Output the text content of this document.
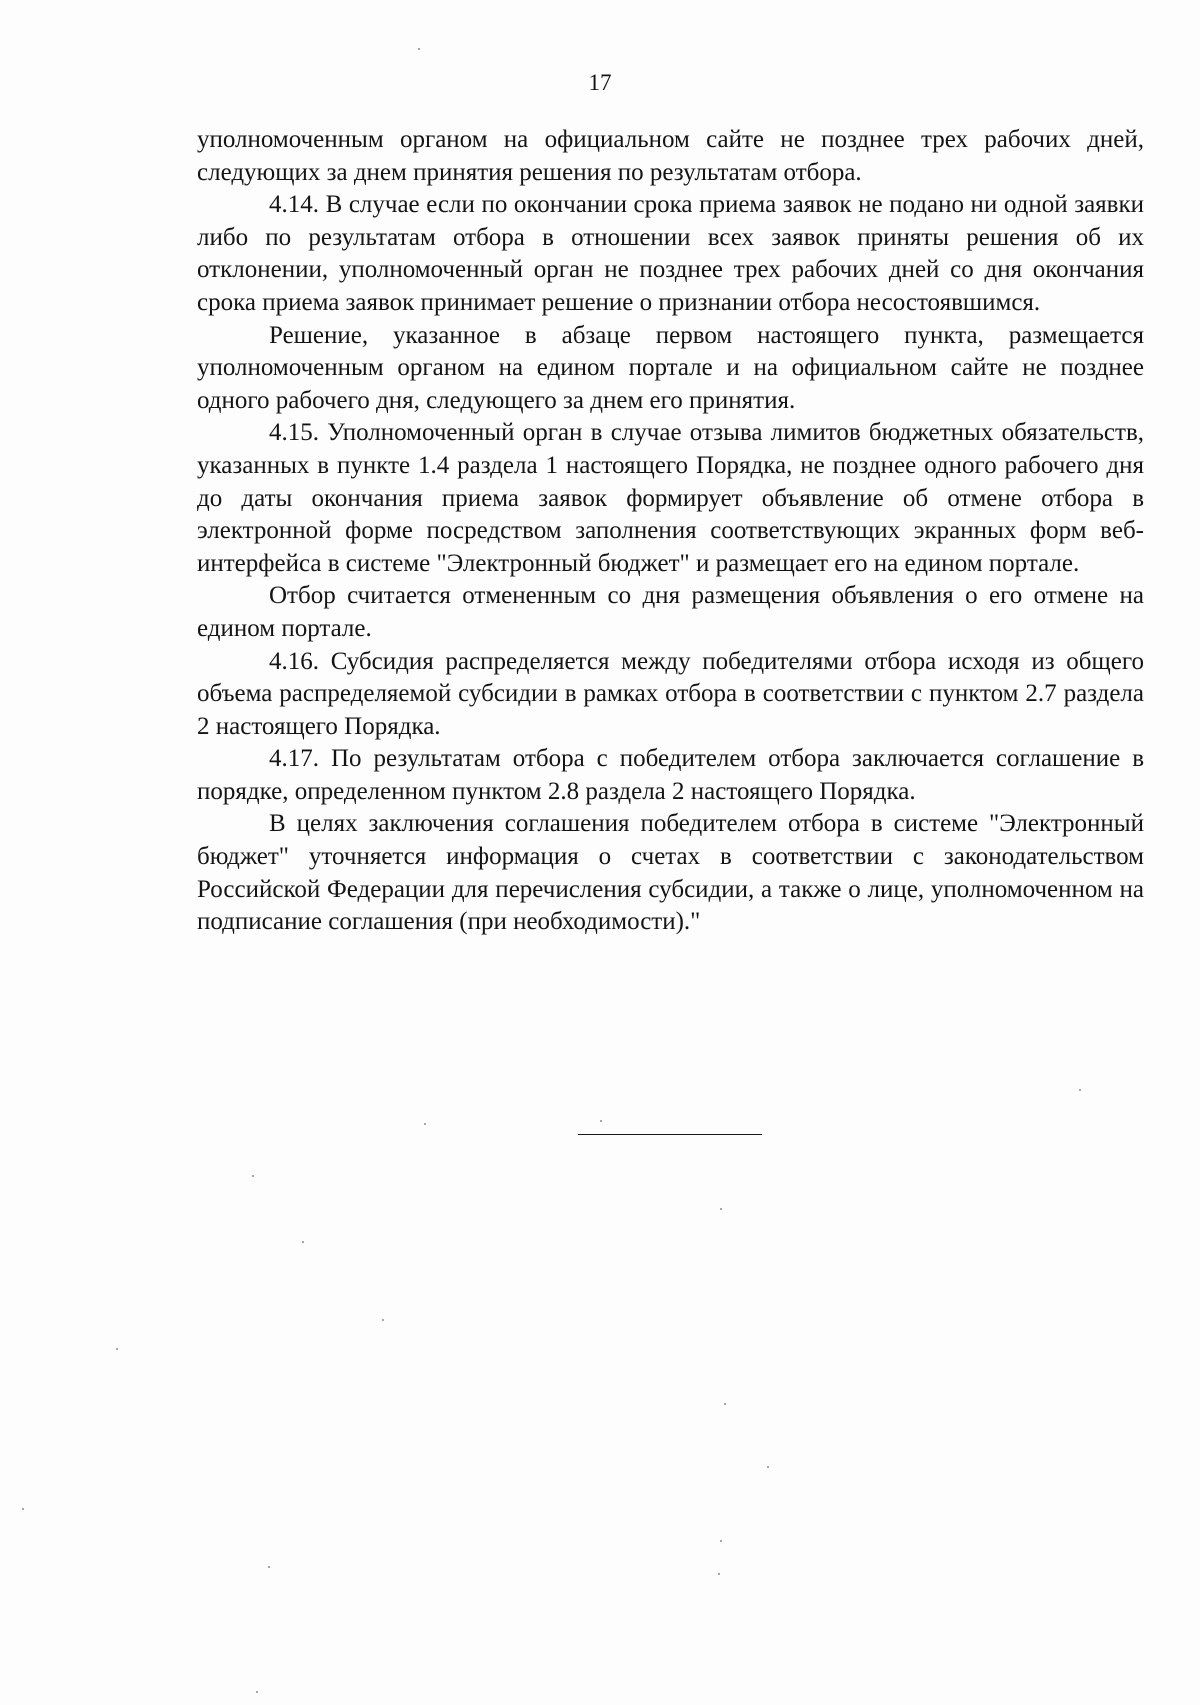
17

уполномоченным органом на официальном сайте не позднее трех рабочих дней, следующих за днем принятия решения по результатам отбора.

4.14. В случае если по окончании срока приема заявок не подано ни одной заявки либо по результатам отбора в отношении всех заявок приняты решения об их отклонении, уполномоченный орган не позднее трех рабочих дней со дня окончания срока приема заявок принимает решение о признании отбора несостоявшимся.

Решение, указанное в абзаце первом настоящего пункта, размещается уполномоченным органом на едином портале и на официальном сайте не позднее одного рабочего дня, следующего за днем его принятия.

4.15. Уполномоченный орган в случае отзыва лимитов бюджетных обязательств, указанных в пункте 1.4 раздела 1 настоящего Порядка, не позднее одного рабочего дня до даты окончания приема заявок формирует объявление об отмене отбора в электронной форме посредством заполнения соответствующих экранных форм веб-интерфейса в системе "Электронный бюджет" и размещает его на едином портале.

Отбор считается отмененным со дня размещения объявления о его отмене на едином портале.

4.16. Субсидия распределяется между победителями отбора исходя из общего объема распределяемой субсидии в рамках отбора в соответствии с пунктом 2.7 раздела 2 настоящего Порядка.

4.17. По результатам отбора с победителем отбора заключается соглашение в порядке, определенном пунктом 2.8 раздела 2 настоящего Порядка.

В целях заключения соглашения победителем отбора в системе "Электронный бюджет" уточняется информация о счетах в соответствии с законодательством Российской Федерации для перечисления субсидии, а также о лице, уполномоченном на подписание соглашения (при необходимости)."
